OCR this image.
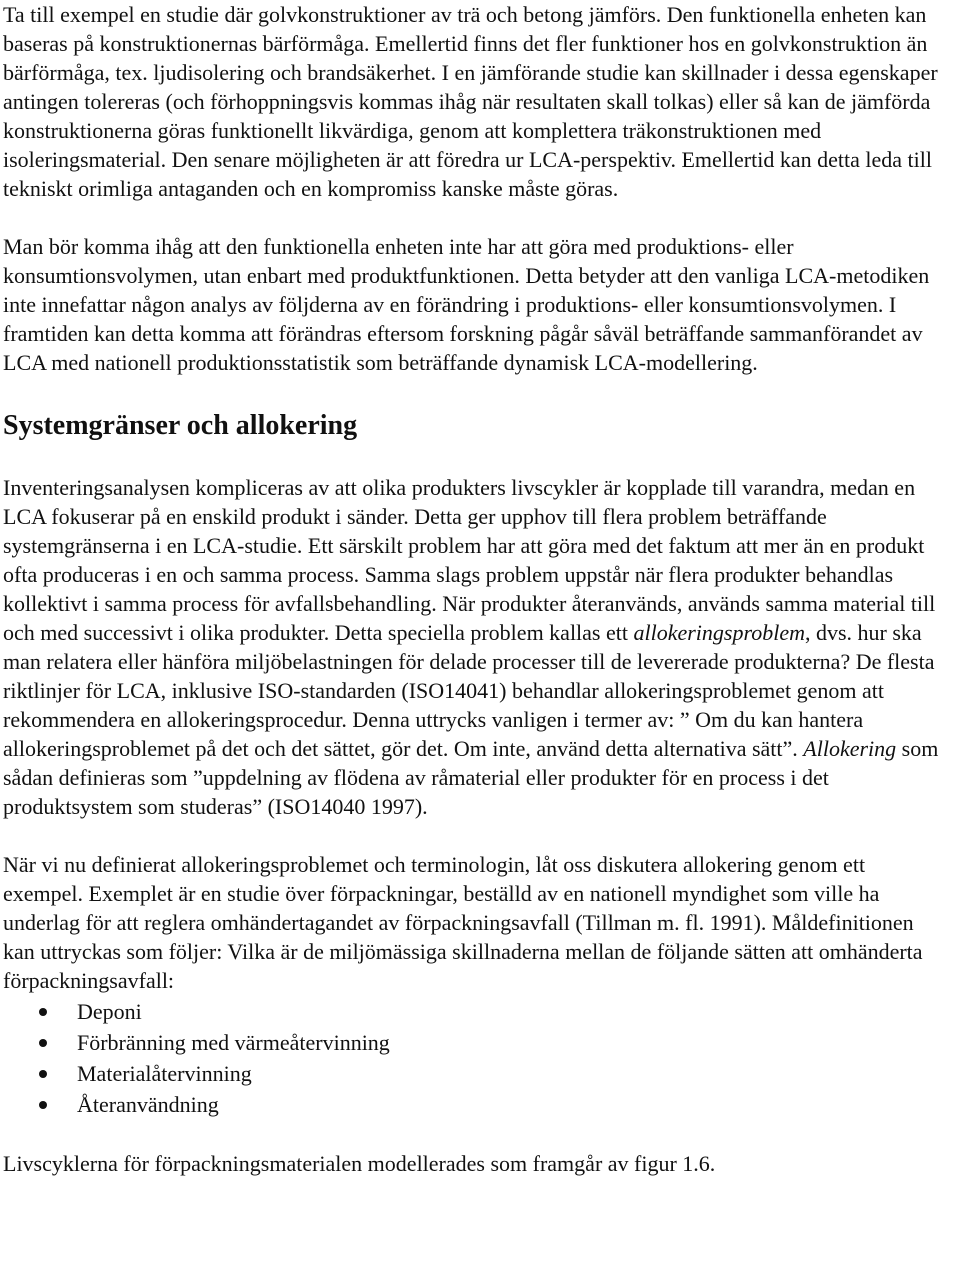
Ta till exempel en studie där golvkonstruktioner av trä och betong jämförs. Den funktionella enheten kan baseras på konstruktionernas bärförmåga. Emellertid finns det fler funktioner hos en golvkonstruktion än bärförmåga, tex. ljudisolering och brandsäkerhet. I en jämförande studie kan skillnader i dessa egenskaper antingen tolereras (och förhoppningsvis kommas ihåg när resultaten skall tolkas) eller så kan de jämförda konstruktionerna göras funktionellt likvärdiga, genom att komplettera träkonstruktionen med isoleringsmaterial. Den senare möjligheten är att föredra ur LCA-perspektiv. Emellertid kan detta leda till tekniskt orimliga antaganden och en kompromiss kanske måste göras.

Man bör komma ihåg att den funktionella enheten inte har att göra med produktions- eller konsumtionsvolymen, utan enbart med produktfunktionen. Detta betyder att den vanliga LCA-metodiken inte innefattar någon analys av följderna av en förändring i produktions- eller konsumtionsvolymen. I framtiden kan detta komma att förändras eftersom forskning pågår såväl beträffande sammanförandet av LCA med nationell produktionsstatistik som beträffande dynamisk LCA-modellering.

Systemgränser och allokering

Inventeringsanalysen kompliceras av att olika produkters livscykler är kopplade till varandra, medan en LCA fokuserar på en enskild produkt i sänder. Detta ger upphov till flera problem beträffande systemgränserna i en LCA-studie. Ett särskilt problem har att göra med det faktum att mer än en produkt ofta produceras i en och samma process. Samma slags problem uppstår när flera produkter behandlas kollektivt i samma process för avfallsbehandling. När produkter återanvänds, används samma material till och med successivt i olika produkter. Detta speciella problem kallas ett allokeringsproblem, dvs. hur ska man relatera eller hänföra miljöbelastningen för delade processer till de levererade produkterna? De flesta riktlinjer för LCA, inklusive ISO-standarden (ISO14041) behandlar allokeringsproblemet genom att rekommendera en allokeringsprocedur. Denna uttrycks vanligen i termer av: ” Om du kan hantera allokeringsproblemet på det och det sättet, gör det. Om inte, använd detta alternativa sätt”. Allokering som sådan definieras som ”uppdelning av flödena av råmaterial eller produkter för en process i det produktsystem som studeras” (ISO14040 1997).

När vi nu definierat allokeringsproblemet och terminologin, låt oss diskutera allokering genom ett exempel. Exemplet är en studie över förpackningar, beställd av en nationell myndighet som ville ha underlag för att reglera omhändertagandet av förpackningsavfall (Tillman m. fl. 1991). Måldefinitionen kan uttryckas som följer: Vilka är de miljömässiga skillnaderna mellan de följande sätten att omhänderta förpackningsavfall:

Deponi
Förbränning med värmeåtervinning
Materialåtervinning
Återanvändning

Livscyklerna för förpackningsmaterialen modellerades som framgår av figur 1.6.
